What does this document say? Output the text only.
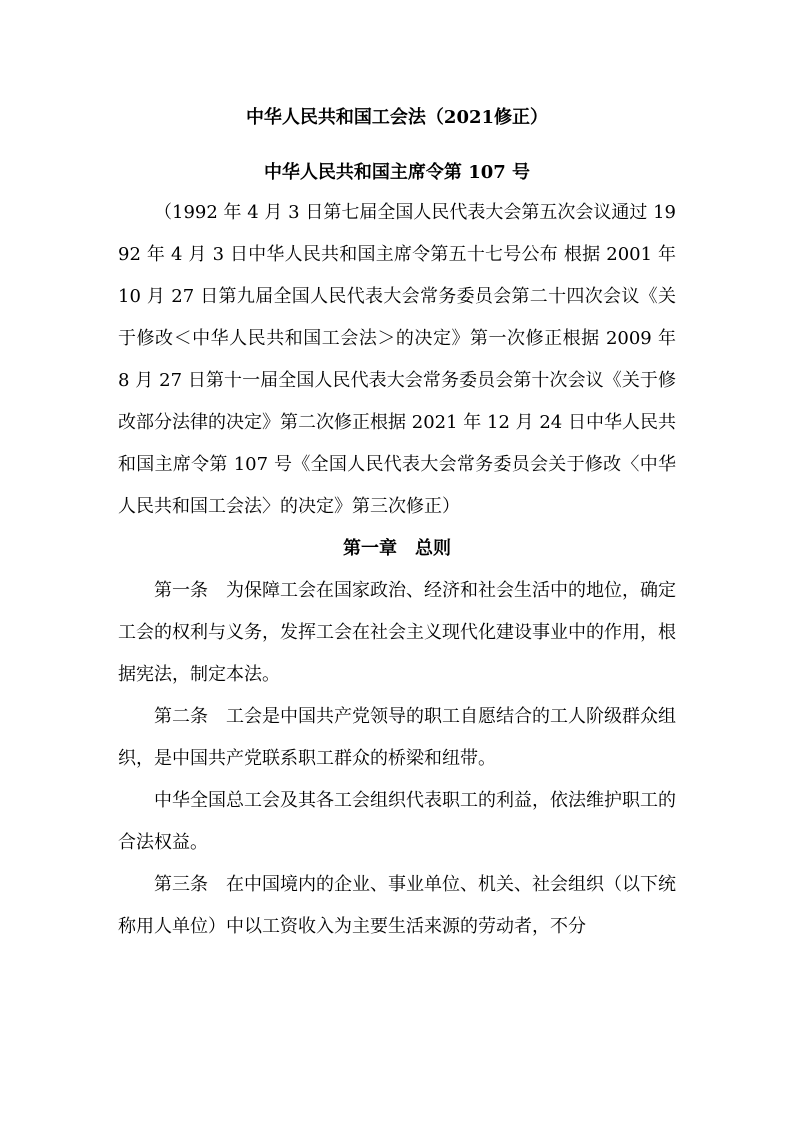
中华人民共和国工会法（2021修正）
中华人民共和国主席令第 107 号

（1992 年 4 月 3 日第七届全国人民代表大会第五次会议通过 1992 年 4 月 3 日中华人民共和国主席令第五十七号公布 根据 2001 年 10 月 27 日第九届全国人民代表大会常务委员会第二十四次会议《关于修改＜中华人民共和国工会法＞的决定》第一次修正根据 2009 年 8 月 27 日第十一届全国人民代表大会常务委员会第十次会议《关于修改部分法律的决定》第二次修正根据 2021 年 12 月 24 日中华人民共和国主席令第 107 号《全国人民代表大会常务委员会关于修改〈中华人民共和国工会法〉的决定》第三次修正）

第一章　总则

第一条　为保障工会在国家政治、经济和社会生活中的地位，确定工会的权利与义务，发挥工会在社会主义现代化建设事业中的作用，根据宪法，制定本法。

第二条　工会是中国共产党领导的职工自愿结合的工人阶级群众组织，是中国共产党联系职工群众的桥梁和纽带。

中华全国总工会及其各工会组织代表职工的利益，依法维护职工的合法权益。

第三条　在中国境内的企业、事业单位、机关、社会组织（以下统称用人单位）中以工资收入为主要生活来源的劳动者，不分
